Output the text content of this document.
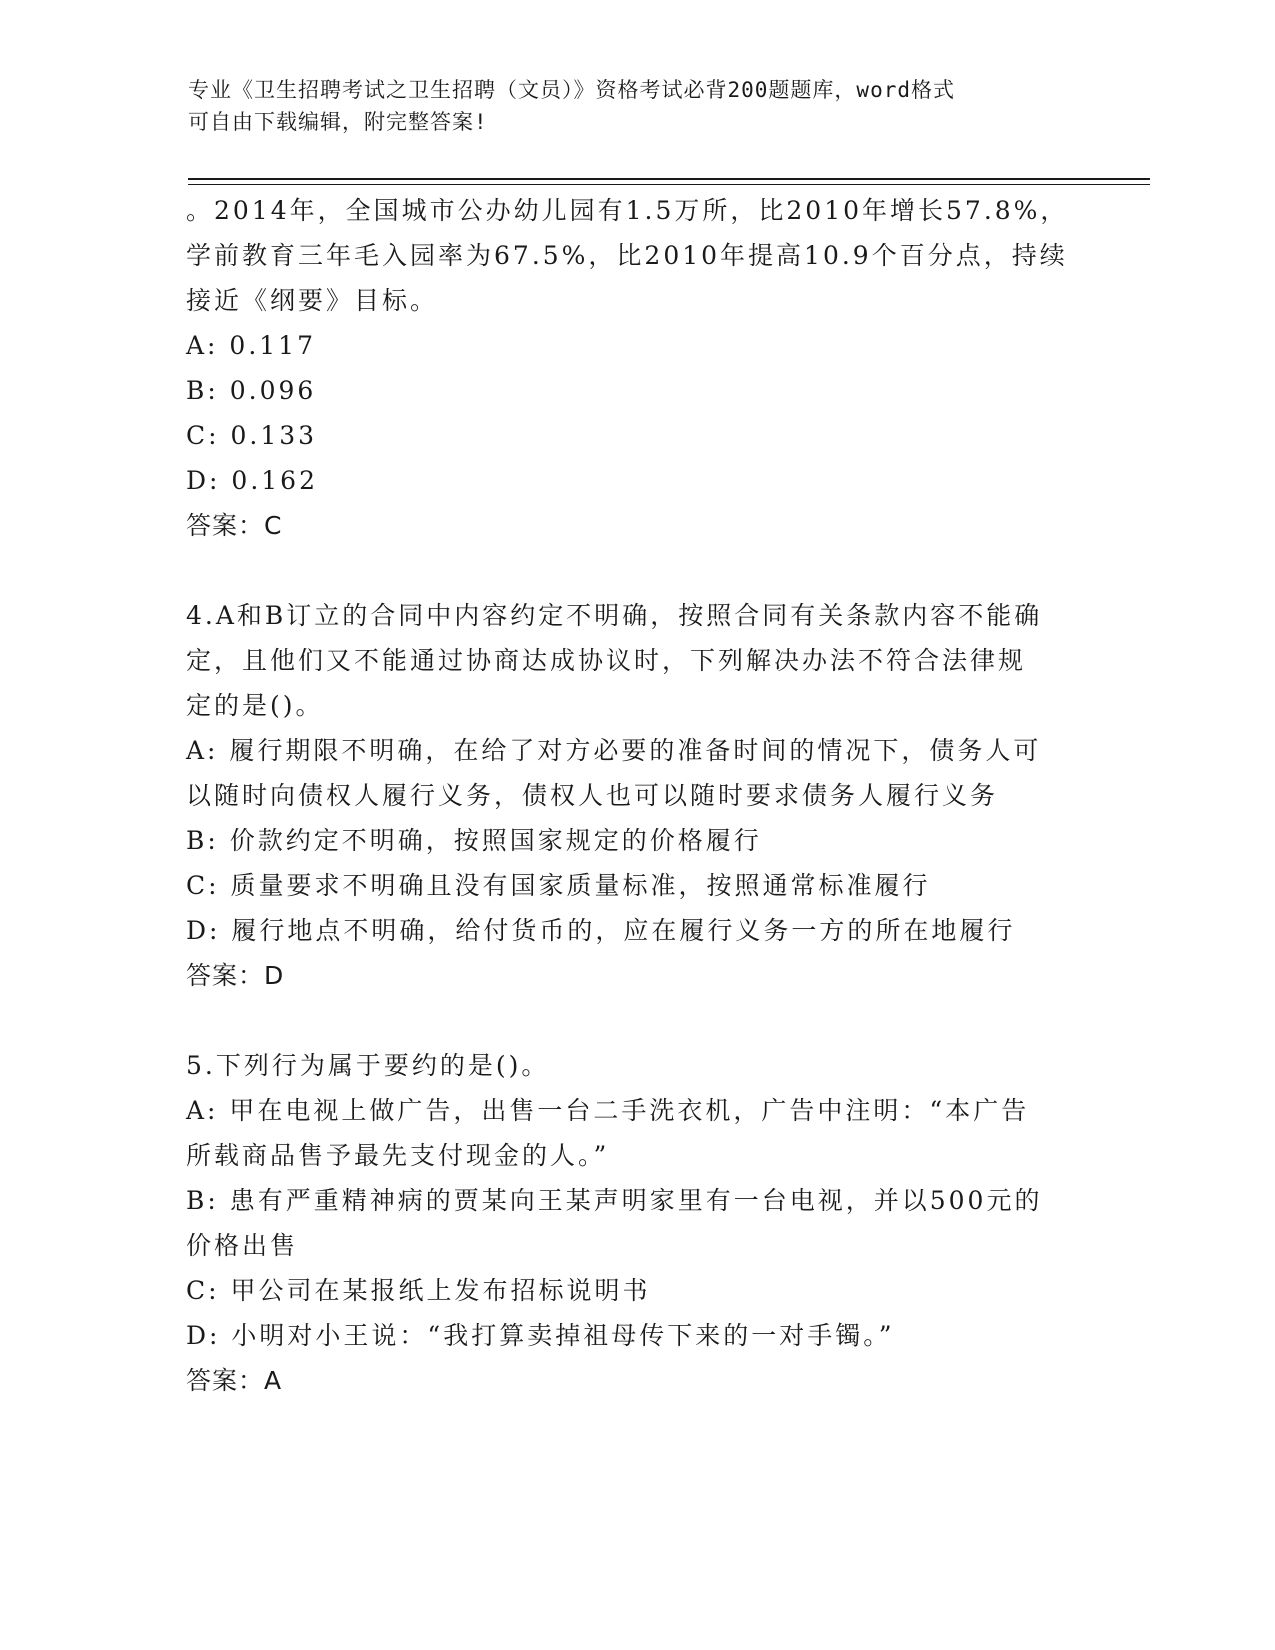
专业《卫生招聘考试之卫生招聘（文员）》资格考试必背200题题库，word格式
可自由下载编辑，附完整答案!

。2014年，全国城市公办幼儿园有1.5万所，比2010年增长57.8%，

学前教育三年毛入园率为67.5%，比2010年提高10.9个百分点，持续

接近《纲要》目标。

A: 0.117

B: 0.096

C: 0.133

D: 0.162

答案：C

4.A和B订立的合同中内容约定不明确，按照合同有关条款内容不能确

定，且他们又不能通过协商达成协议时，下列解决办法不符合法律规

定的是()。

A: 履行期限不明确，在给了对方必要的准备时间的情况下，债务人可

以随时向债权人履行义务，债权人也可以随时要求债务人履行义务

B: 价款约定不明确，按照国家规定的价格履行

C: 质量要求不明确且没有国家质量标准，按照通常标准履行

D: 履行地点不明确，给付货币的，应在履行义务一方的所在地履行

答案：D

5.下列行为属于要约的是()。

A: 甲在电视上做广告，出售一台二手洗衣机，广告中注明：“本广告

所载商品售予最先支付现金的人。”

B: 患有严重精神病的贾某向王某声明家里有一台电视，并以500元的

价格出售

C: 甲公司在某报纸上发布招标说明书

D: 小明对小王说：“我打算卖掉祖母传下来的一对手镯。”

答案：A
